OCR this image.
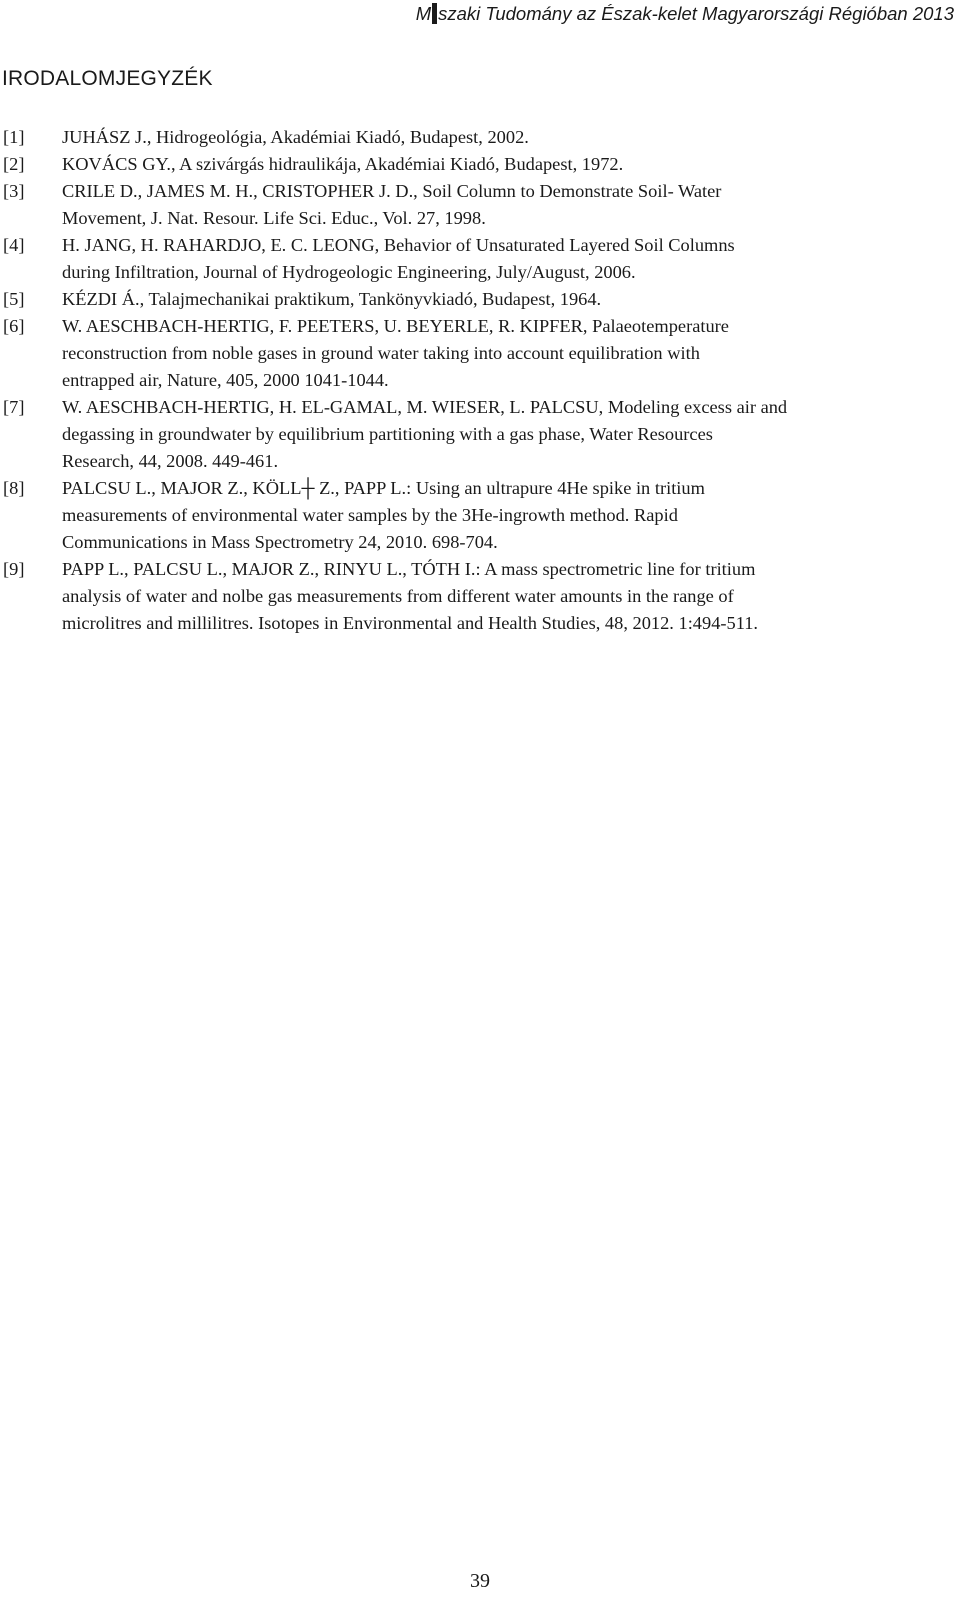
M szaki Tudomány az Észak-kelet Magyarországi Régióban 2013
IRODALOMJEGYZÉK
[1] JUHÁSZ J., Hidrogeológia, Akadémiai Kiadó, Budapest, 2002.
[2] KOVÁCS GY., A szivárgás hidraulikája, Akadémiai Kiadó, Budapest, 1972.
[3] CRILE D., JAMES M. H., CRISTOPHER J. D., Soil Column to Demonstrate Soil- Water
Movement, J. Nat. Resour. Life Sci. Educ., Vol. 27, 1998.
[4] H. JANG, H. RAHARDJO, E. C. LEONG, Behavior of Unsaturated Layered Soil Columns
during Infiltration, Journal of Hydrogeologic Engineering, July/August, 2006.
[5] KÉZDI Á., Talajmechanikai praktikum, Tankönyvkiadó, Budapest, 1964.
[6] W. AESCHBACH-HERTIG, F. PEETERS, U. BEYERLE, R. KIPFER, Palaeotemperature
reconstruction from noble gases in ground water taking into account equilibration with
entrapped air, Nature, 405, 2000 1041-1044.
[7] W. AESCHBACH-HERTIG, H. EL-GAMAL, M. WIESER, L. PALCSU, Modeling excess air and
degassing in groundwater by equilibrium partitioning with a gas phase, Water Resources
Research, 44, 2008. 449-461.
[8] PALCSU L., MAJOR Z., KÖLL┼ Z., PAPP L.: Using an ultrapure 4He spike in tritium
measurements of environmental water samples by the 3He-ingrowth method. Rapid
Communications in Mass Spectrometry 24, 2010. 698-704.
[9] PAPP L., PALCSU L., MAJOR Z., RINYU L., TÓTH I.: A mass spectrometric line for tritium
analysis of water and nolbe gas measurements from different water amounts in the range of
microlitres and millilitres. Isotopes in Environmental and Health Studies, 48, 2012. 1:494-511.
39
